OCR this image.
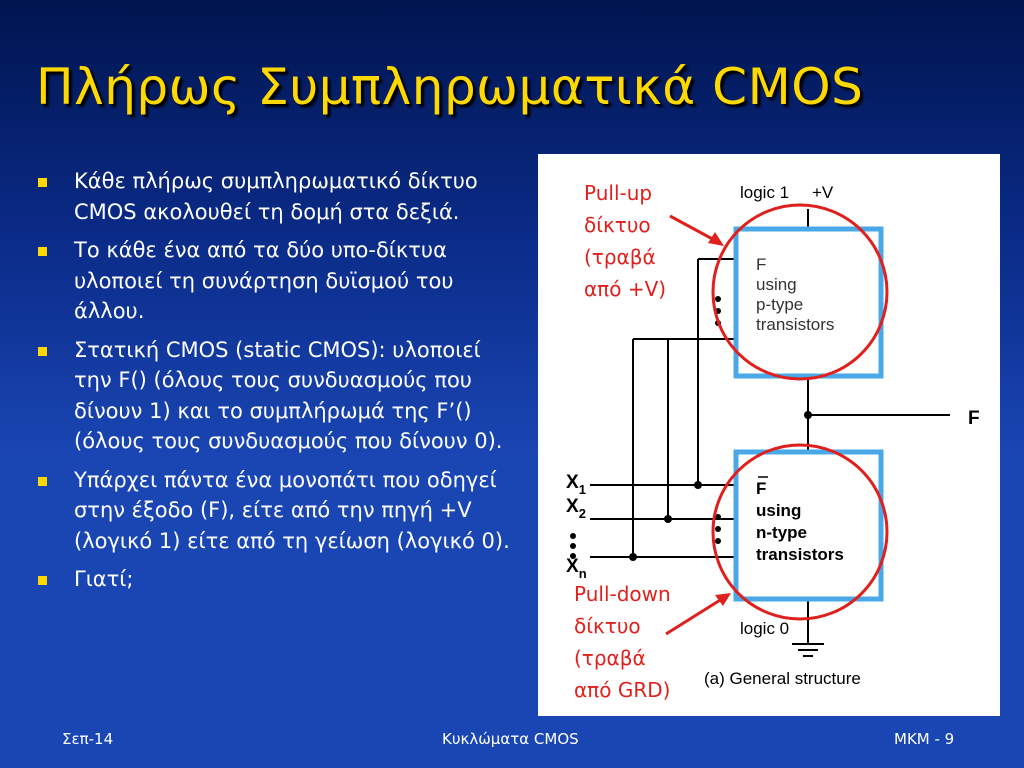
Πλήρως Συμπληρωματικά CMOS
Κάθε πλήρως συμπληρωματικό δίκτυο CMOS ακολουθεί τη δομή στα δεξιά.
Το κάθε ένα από τα δύο υπο-δίκτυα υλοποιεί τη συνάρτηση δυϊσμού του άλλου.
Στατική CMOS (static CMOS): υλοποιεί την F() (όλους τους συνδυασμούς που δίνουν 1) και το συμπλήρωμά της F’() (όλους τους συνδυασμούς που δίνουν 0).
Υπάρχει πάντα ένα μονοπάτι που οδηγεί στην έξοδο (F), είτε από την πηγή +V (λογικό 1) είτε από τη γείωση (λογικό 0).
Γιατί;
logic 1 +V
F
logic 0
(a) General structure
F
using
p-type
transistors
F
using
n-type
transistors
$X_1$
$X_2$
$X_n$
Pull-up
δίκτυο
(τραβά
από +V)
Pull-down
δίκτυο
(τραβά
από GRD)
Σεπ-14	Κυκλώματα CMOS	MKM - 9
